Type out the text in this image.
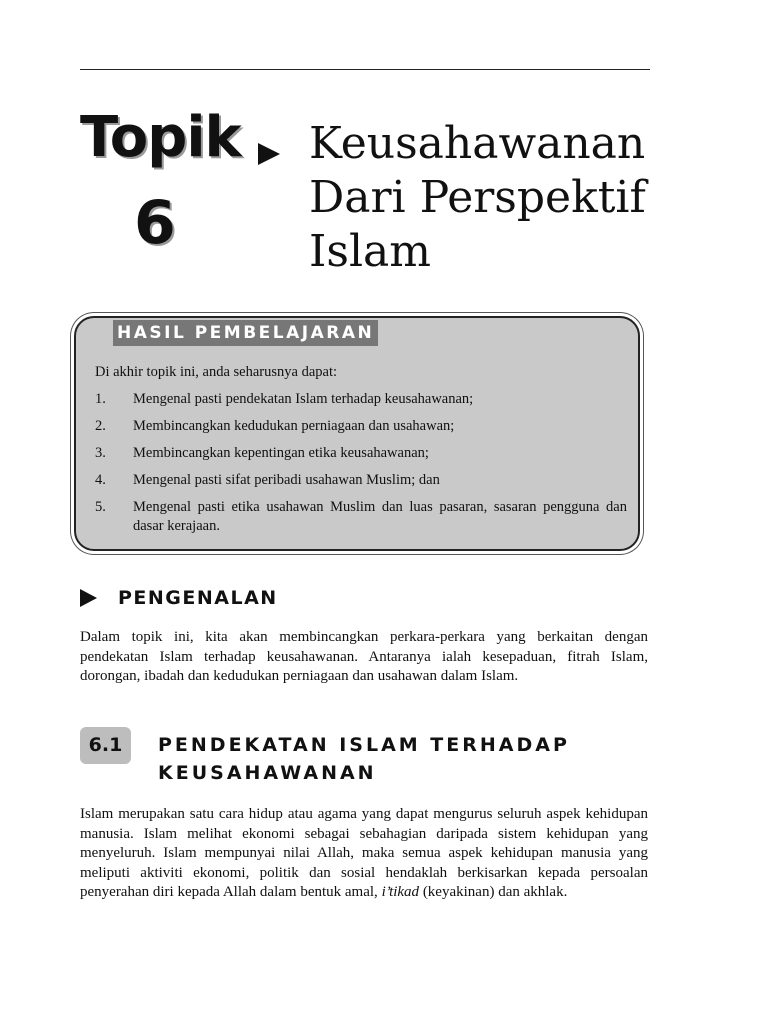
Topik
6
Keusahawanan
Dari Perspektif
Islam
HASIL PEMBELAJARAN
Di akhir topik ini, anda seharusnya dapat:
1.	Mengenal pasti pendekatan Islam terhadap keusahawanan;
2.	Membincangkan kedudukan perniagaan dan usahawan;
3.	Membincangkan kepentingan etika keusahawanan;
4.	Mengenal pasti sifat peribadi usahawan Muslim; dan
5.	Mengenal pasti etika usahawan Muslim dan luas pasaran, sasaran pengguna dan dasar kerajaan.
PENGENALAN

Dalam topik ini, kita akan membincangkan perkara-perkara yang berkaitan dengan pendekatan Islam terhadap keusahawanan. Antaranya ialah kesepaduan, fitrah Islam, dorongan, ibadah dan kedudukan perniagaan dan usahawan dalam Islam.

6.1	PENDEKATAN ISLAM TERHADAP KEUSAHAWANAN

Islam merupakan satu cara hidup atau agama yang dapat mengurus seluruh aspek kehidupan manusia. Islam melihat ekonomi sebagai sebahagian daripada sistem kehidupan yang menyeluruh. Islam mempunyai nilai Allah, maka semua aspek kehidupan manusia yang meliputi aktiviti ekonomi, politik dan sosial hendaklah berkisarkan kepada persoalan penyerahan diri kepada Allah dalam bentuk amal, i’tikad (keyakinan) dan akhlak.
